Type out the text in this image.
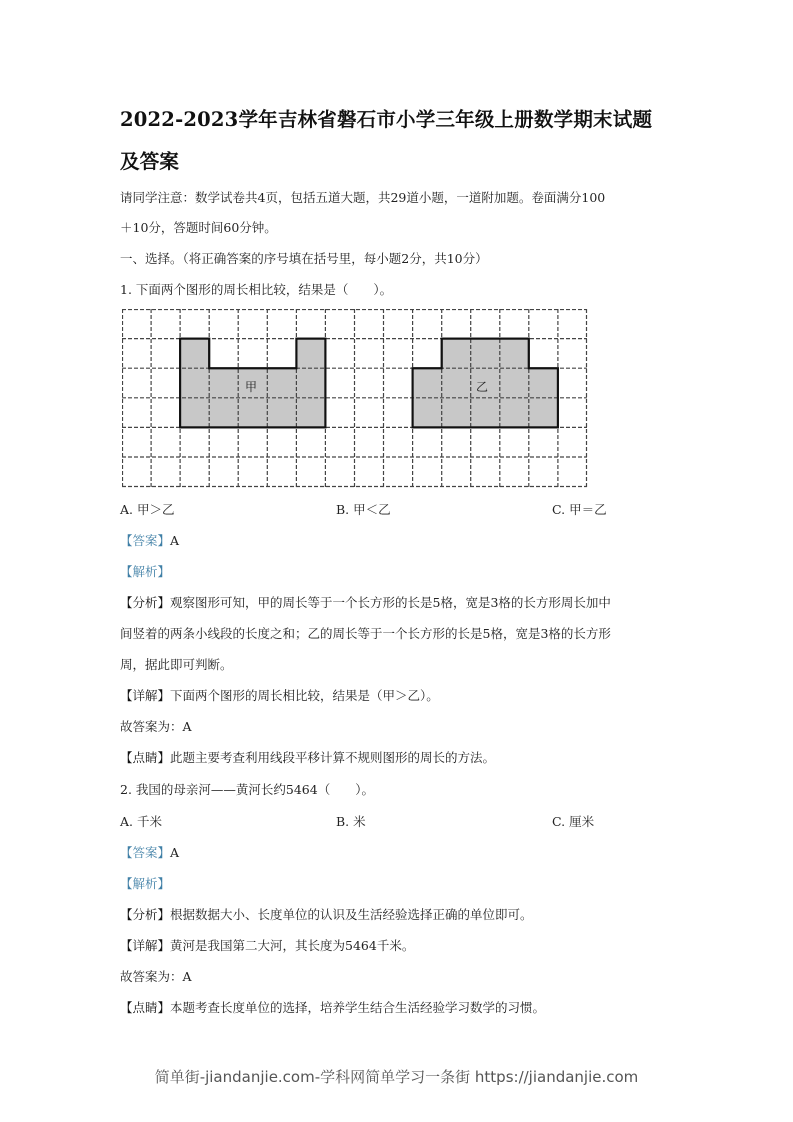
2022-2023学年吉林省磐石市小学三年级上册数学期末试题
及答案
请同学注意：数学试卷共4页，包括五道大题，共29道小题，一道附加题。卷面满分100
＋10分，答题时间60分钟。
一、选择。（将正确答案的序号填在括号里，每小题2分，共10分）
1. 下面两个图形的周长相比较，结果是（　　）。
甲	乙
A. 甲＞乙	B. 甲＜乙	C. 甲＝乙
【答案】A
【解析】
【分析】观察图形可知，甲的周长等于一个长方形的长是5格，宽是3格的长方形周长加中
间竖着的两条小线段的长度之和；乙的周长等于一个长方形的长是5格，宽是3格的长方形
周，据此即可判断。
【详解】下面两个图形的周长相比较，结果是（甲＞乙）。
故答案为：A
【点睛】此题主要考查利用线段平移计算不规则图形的周长的方法。
2. 我国的母亲河——黄河长约5464（　　）。
A. 千米	B. 米	C. 厘米
【答案】A
【解析】
【分析】根据数据大小、长度单位的认识及生活经验选择正确的单位即可。
【详解】黄河是我国第二大河，其长度为5464千米。
故答案为：A
【点睛】本题考查长度单位的选择，培养学生结合生活经验学习数学的习惯。
简单街-jiandanjie.com-学科网简单学习一条街 https://jiandanjie.com
